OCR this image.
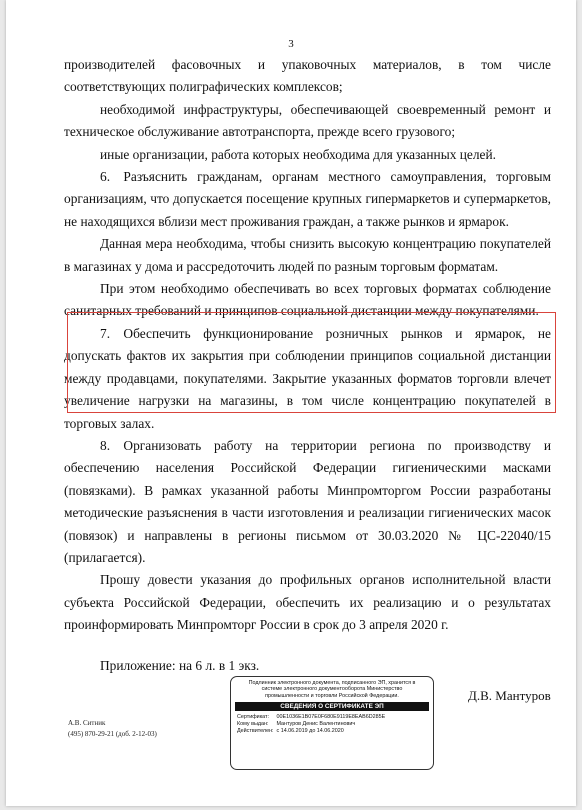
3

производителей фасовочных и упаковочных материалов, в том числе соответствующих полиграфических комплексов;

необходимой инфраструктуры, обеспечивающей своевременный ремонт и техническое обслуживание автотранспорта, прежде всего грузового;

иные организации, работа которых необходима для указанных целей.

6. Разъяснить гражданам, органам местного самоуправления, торговым организациям, что допускается посещение крупных гипермаркетов и супермаркетов, не находящихся вблизи мест проживания граждан, а также рынков и ярмарок.

Данная мера необходима, чтобы снизить высокую концентрацию покупателей в магазинах у дома и рассредоточить людей по разным торговым форматам.

При этом необходимо обеспечивать во всех торговых форматах соблюдение санитарных требований и принципов социальной дистанции между покупателями.

7. Обеспечить функционирование розничных рынков и ярмарок, не допускать фактов их закрытия при соблюдении принципов социальной дистанции между продавцами, покупателями. Закрытие указанных форматов торговли влечет увеличение нагрузки на магазины, в том числе концентрацию покупателей в торговых залах.

8. Организовать работу на территории региона по производству и обеспечению населения Российской Федерации гигиеническими масками (повязками). В рамках указанной работы Минпромторгом России разработаны методические разъяснения в части изготовления и реализации гигиенических масок (повязок) и направлены в регионы письмом от 30.03.2020 № ЦС-22040/15 (прилагается).

Прошу довести указания до профильных органов исполнительной власти субъекта Российской Федерации, обеспечить их реализацию и о результатах проинформировать Минпромторг России в срок до 3 апреля 2020 г.

Приложение: на 6 л. в 1 экз.

Подлинник электронного документа, подписанного ЭП, хранится в системе электронного документооборота Министерство промышленности и торговли Российской Федерации.
СВЕДЕНИЯ О СЕРТИФИКАТЕ ЭП
Сертификат: 00E1036E1B07E0F680E9119E8EAB6D285E
Кому выдан: Мантуров Денис Валентинович
Действителен: с 14.06.2019 до 14.06.2020
Д.В. Мантуров
А.В. Ситник
(495) 870-29-21 (доб. 2-12-03)
